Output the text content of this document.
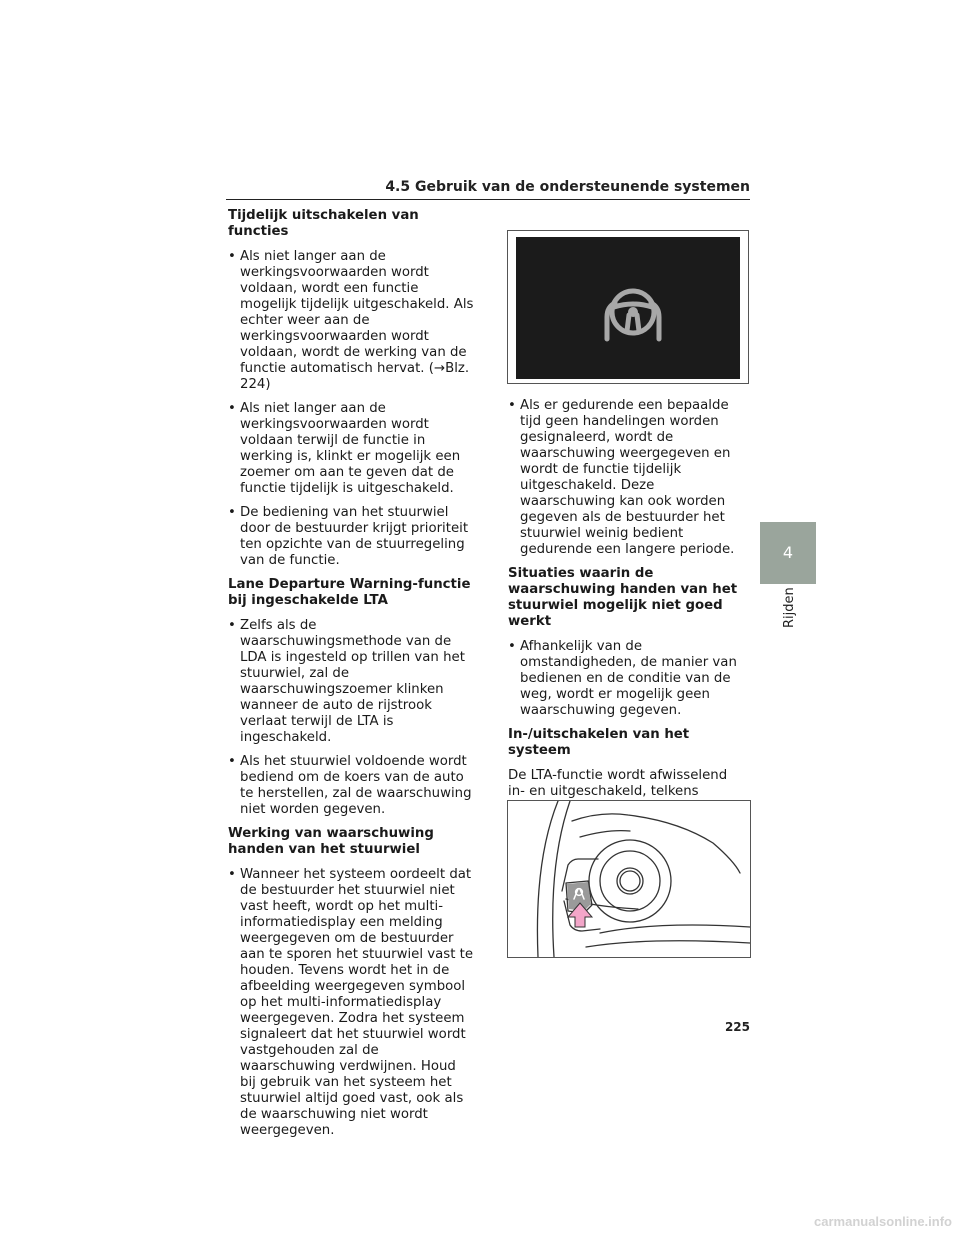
4.5 Gebruik van de ondersteunende systemen
Tijdelijk uitschakelen van functies
• Als niet langer aan de werkingsvoorwaarden wordt voldaan, wordt een functie mogelijk tijdelijk uitgeschakeld. Als echter weer aan de werkingsvoorwaarden wordt voldaan, wordt de werking van de functie automatisch hervat. (→Blz. 224)
• Als niet langer aan de werkingsvoorwaarden wordt voldaan terwijl de functie in werking is, klinkt er mogelijk een zoemer om aan te geven dat de functie tijdelijk is uitgeschakeld.
• De bediening van het stuurwiel door de bestuurder krijgt prioriteit ten opzichte van de stuurregeling van de functie.
Lane Departure Warning-functie bij ingeschakelde LTA
• Zelfs als de waarschuwingsmethode van de LDA is ingesteld op trillen van het stuurwiel, zal de waarschuwingszoemer klinken wanneer de auto de rijstrook verlaat terwijl de LTA is ingeschakeld.
• Als het stuurwiel voldoende wordt bediend om de koers van de auto te herstellen, zal de waarschuwing niet worden gegeven.
Werking van waarschuwing handen van het stuurwiel
• Wanneer het systeem oordeelt dat de bestuurder het stuurwiel niet vast heeft, wordt op het multi-informatiedisplay een melding weergegeven om de bestuurder aan te sporen het stuurwiel vast te houden. Tevens wordt het in de afbeelding weergegeven symbool op het multi-informatiedisplay weergegeven. Zodra het systeem signaleert dat het stuurwiel wordt vastgehouden zal de waarschuwing verdwijnen. Houd bij gebruik van het systeem het stuurwiel altijd goed vast, ook als de waarschuwing niet wordt weergegeven.
• Als er gedurende een bepaalde tijd geen handelingen worden gesignaleerd, wordt de waarschuwing weergegeven en wordt de functie tijdelijk uitgeschakeld. Deze waarschuwing kan ook worden gegeven als de bestuurder het stuurwiel weinig bedient gedurende een langere periode.
Situaties waarin de waarschuwing handen van het stuurwiel mogelijk niet goed werkt
• Afhankelijk van de omstandigheden, de manier van bedienen en de conditie van de weg, wordt er mogelijk geen waarschuwing gegeven.
In-/uitschakelen van het systeem
De LTA-functie wordt afwisselend in- en uitgeschakeld, telkens
4
Rijden
225
carmanualsonline.info
